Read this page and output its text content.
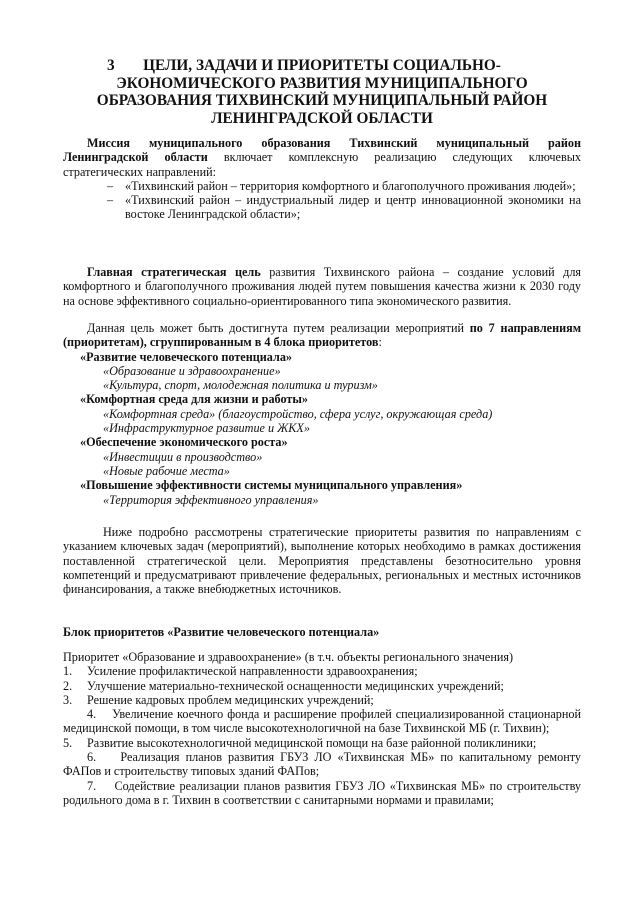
3	ЦЕЛИ, ЗАДАЧИ И ПРИОРИТЕТЫ СОЦИАЛЬНО-
ЭКОНОМИЧЕСКОГО РАЗВИТИЯ МУНИЦИПАЛЬНОГО
ОБРАЗОВАНИЯ ТИХВИНСКИЙ МУНИЦИПАЛЬНЫЙ РАЙОН
ЛЕНИНГРАДСКОЙ ОБЛАСТИ

Миссия муниципального образования Тихвинский муниципальный район Ленинградской области включает комплексную реализацию следующих ключевых стратегических направлений:

– «Тихвинский район – территория комфортного и благополучного проживания людей»;
– «Тихвинский район – индустриальный лидер и центр инновационной экономики на востоке Ленинградской области»;

Главная стратегическая цель развития Тихвинского района – создание условий для комфортного и благополучного проживания людей путем повышения качества жизни к 2030 году на основе эффективного социально-ориентированного типа экономического развития.

Данная цель может быть достигнута путем реализации мероприятий по 7 направлениям (приоритетам), сгруппированным в 4 блока приоритетов:

«Развитие человеческого потенциала»

«Образование и здравоохранение»

«Культура, спорт, молодежная политика и туризм»

«Комфортная среда для жизни и работы»

«Комфортная среда» (благоустройство, сфера услуг, окружающая среда)

«Инфраструктурное развитие и ЖКХ»

«Обеспечение экономического роста»

«Инвестиции в производство»

«Новые рабочие места»

«Повышение эффективности системы муниципального управления»

«Территория эффективного управления»

Ниже подробно рассмотрены стратегические приоритеты развития по направлениям с указанием ключевых задач (мероприятий), выполнение которых необходимо в рамках достижения поставленной стратегической цели. Мероприятия представлены безотносительно уровня компетенций и предусматривают привлечение федеральных, региональных и местных источников финансирования, а также внебюджетных источников.

Блок приоритетов «Развитие человеческого потенциала»

Приоритет «Образование и здравоохранение» (в т.ч. объекты регионального значения)

1. Усиление профилактической направленности здравоохранения;

2. Улучшение материально-технической оснащенности медицинских учреждений;

3. Решение кадровых проблем медицинских учреждений;

4. Увеличение коечного фонда и расширение профилей специализированной стационарной медицинской помощи, в том числе высокотехнологичной на базе Тихвинской МБ (г. Тихвин);

5. Развитие высокотехнологичной медицинской помощи на базе районной поликлиники;

6. Реализация планов развития ГБУЗ ЛО «Тихвинская МБ» по капитальному ремонту ФАПов и строительству типовых зданий ФАПов;

7. Содействие реализации планов развития ГБУЗ ЛО «Тихвинская МБ» по строительству родильного дома в г. Тихвин в соответствии с санитарными нормами и правилами;
